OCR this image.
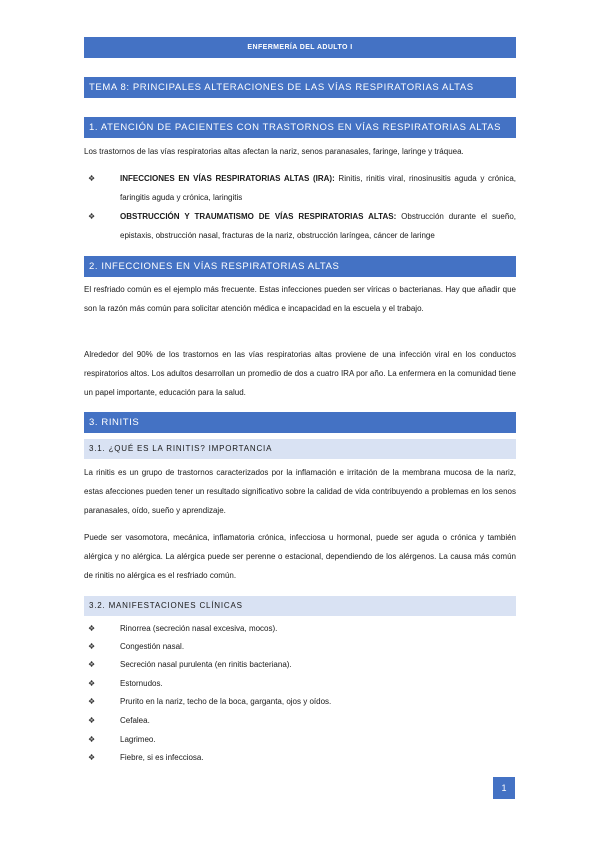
ENFERMERÍA DEL ADULTO I
TEMA 8: PRINCIPALES ALTERACIONES DE LAS VÍAS RESPIRATORIAS ALTAS
1. ATENCIÓN DE PACIENTES CON TRASTORNOS EN VÍAS RESPIRATORIAS ALTAS

Los trastornos de las vías respiratorias altas afectan la nariz, senos paranasales, faringe, laringe y tráquea.

❖	INFECCIONES EN VÍAS RESPIRATORIAS ALTAS (IRA): Rinitis, rinitis viral, rinosinusitis aguda y crónica, faringitis aguda y crónica, laringitis
❖	OBSTRUCCIÓN Y TRAUMATISMO DE VÍAS RESPIRATORIAS ALTAS: Obstrucción durante el sueño, epistaxis, obstrucción nasal, fracturas de la nariz, obstrucción laríngea, cáncer de laringe
2. INFECCIONES EN VÍAS RESPIRATORIAS ALTAS

El resfriado común es el ejemplo más frecuente. Estas infecciones pueden ser víricas o bacterianas. Hay que añadir que son la razón más común para solicitar atención médica e incapacidad en la escuela y el trabajo.

Alrededor del 90% de los trastornos en las vías respiratorias altas proviene de una infección viral en los conductos respiratorios altos. Los adultos desarrollan un promedio de dos a cuatro IRA por año. La enfermera en la comunidad tiene un papel importante, educación para la salud.

3. RINITIS
3.1. ¿QUÉ ES LA RINITIS? IMPORTANCIA

La rinitis es un grupo de trastornos caracterizados por la inflamación e irritación de la membrana mucosa de la nariz, estas afecciones pueden tener un resultado significativo sobre la calidad de vida contribuyendo a problemas en los senos paranasales, oído, sueño y aprendizaje.

Puede ser vasomotora, mecánica, inflamatoria crónica, infecciosa u hormonal, puede ser aguda o crónica y también alérgica y no alérgica. La alérgica puede ser perenne o estacional, dependiendo de los alérgenos. La causa más común de rinitis no alérgica es el resfriado común.

3.2. MANIFESTACIONES CLÍNICAS
❖	Rinorrea (secreción nasal excesiva, mocos).
❖	Congestión nasal.
❖	Secreción nasal purulenta (en rinitis bacteriana).
❖	Estornudos.
❖	Prurito en la nariz, techo de la boca, garganta, ojos y oídos.
❖	Cefalea.
❖	Lagrimeo.
❖	Fiebre, si es infecciosa.
1
